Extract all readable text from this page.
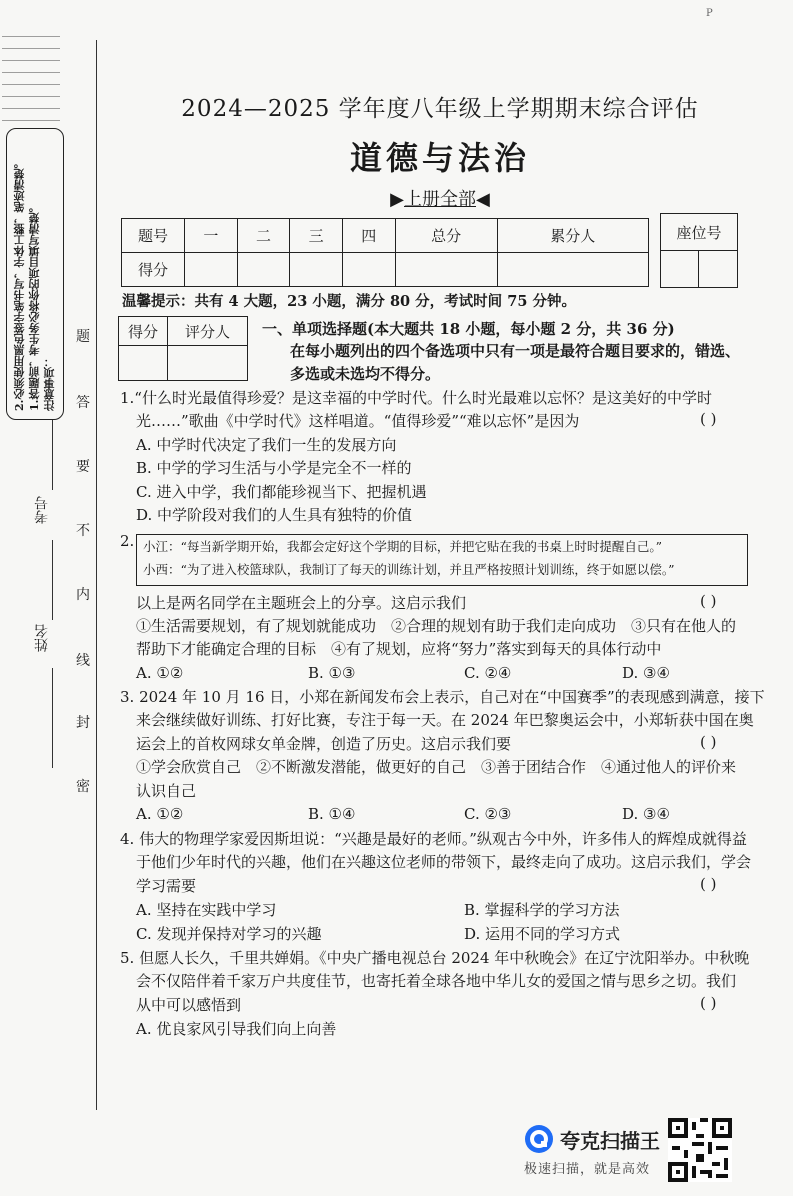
P
注意事项：
1.答题前，考生务必将你的项目填写清楚。
2.必须使用黑色签字笔书写，字体工整，笔迹清楚。
考号
姓名
题
答
要
不
内
线
封
密
2024—2025 学年度八年级上学期期末综合评估
道德与法治
▶上册全部◀
题号	一	二	三	四	总分	累分人
得分						
座位号

温馨提示：共有 4 大题，23 小题，满分 80 分，考试时间 75 分钟。
得分	评分人
	一、单项选择题(本大题共 18 小题，每小题 2 分，共 36 分)
在每小题列出的四个备选项中只有一项是最符合题目要求的，错选、
多选或未选均不得分。
1.“什么时光最值得珍爱？是这幸福的中学时代。什么时光最难以忘怀？是这美好的中学时
光……”歌曲《中学时代》这样唱道。“值得珍爱”“难以忘怀”是因为	( )
A. 中学时代决定了我们一生的发展方向
B. 中学的学习生活与小学是完全不一样的
C. 进入中学，我们都能珍视当下、把握机遇
D. 中学阶段对我们的人生具有独特的价值
2. 小江：“每当新学期开始，我都会定好这个学期的目标，并把它贴在我的书桌上时时提醒自己。”
小西：“为了进入校篮球队，我制订了每天的训练计划，并且严格按照计划训练，终于如愿以偿。”
以上是两名同学在主题班会上的分享。这启示我们	( )
①生活需要规划，有了规划就能成功　②合理的规划有助于我们走向成功　③只有在他人的
帮助下才能确定合理的目标　④有了规划，应将“努力”落实到每天的具体行动中
A. ①②	B. ①③	C. ②④	D. ③④
3. 2024 年 10 月 16 日，小郑在新闻发布会上表示，自己对在“中国赛季”的表现感到满意，接下
来会继续做好训练、打好比赛，专注于每一天。在 2024 年巴黎奥运会中，小郑斩获中国在奥
运会上的首枚网球女单金牌，创造了历史。这启示我们要	( )
①学会欣赏自己　②不断激发潜能，做更好的自己　③善于团结合作　④通过他人的评价来
认识自己
A. ①②	B. ①④	C. ②③	D. ③④
4. 伟大的物理学家爱因斯坦说：“兴趣是最好的老师。”纵观古今中外，许多伟人的辉煌成就得益
于他们少年时代的兴趣，他们在兴趣这位老师的带领下，最终走向了成功。这启示我们，学会
学习需要	( )
A. 坚持在实践中学习	B. 掌握科学的学习方法
C. 发现并保持对学习的兴趣	D. 运用不同的学习方式
5. 但愿人长久，千里共婵娟。《中央广播电视总台 2024 年中秋晚会》在辽宁沈阳举办。中秋晚
会不仅陪伴着千家万户共度佳节，也寄托着全球各地中华儿女的爱国之情与思乡之切。我们
从中可以感悟到	( )
A. 优良家风引导我们向上向善
夸克扫描王
极速扫描，就是高效
